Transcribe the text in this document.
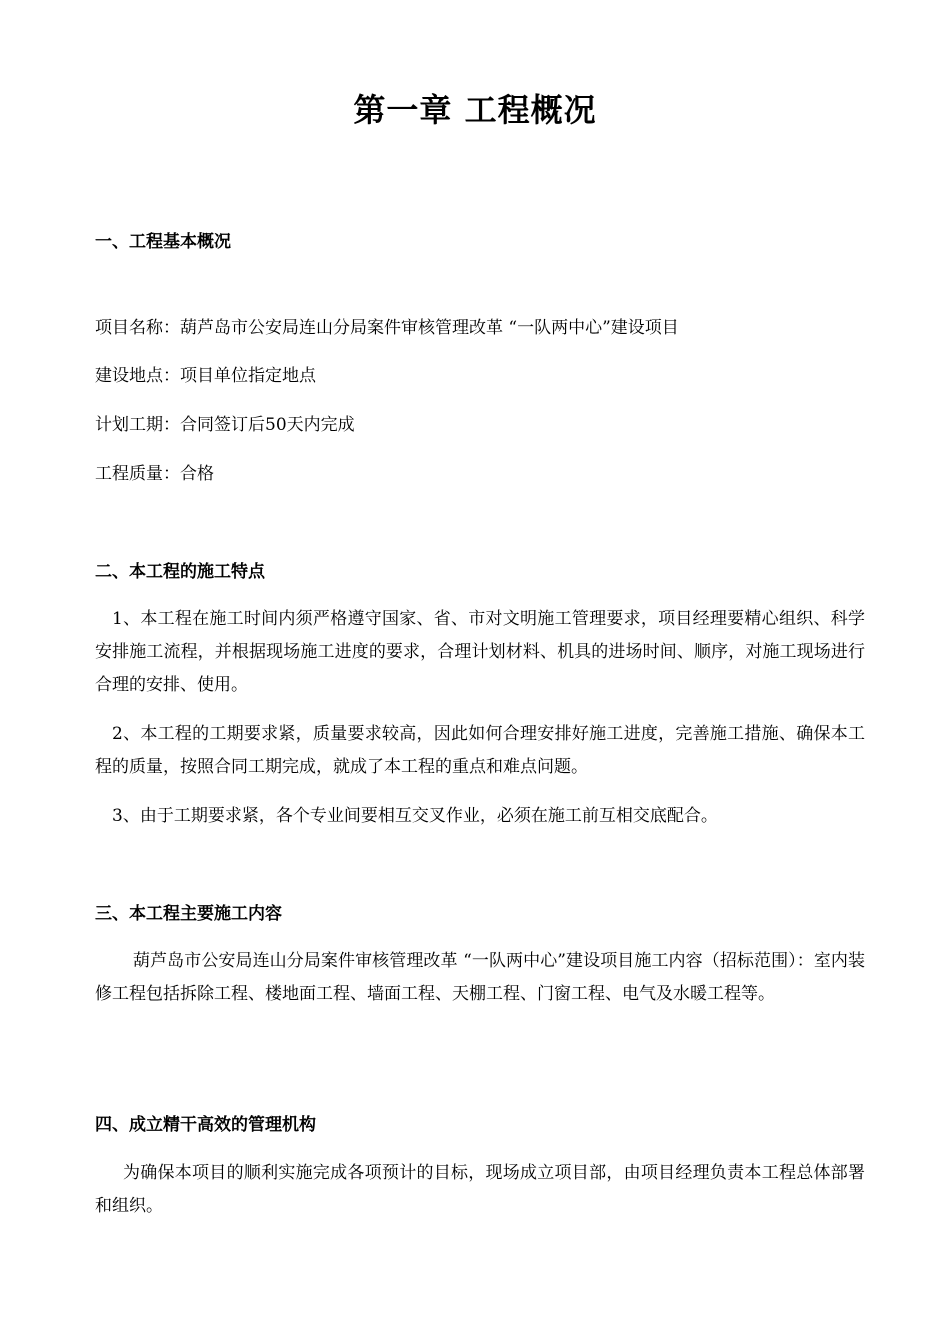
第一章 工程概况
一、工程基本概况
项目名称：葫芦岛市公安局连山分局案件审核管理改革 “一队两中心”建设项目
建设地点：项目单位指定地点
计划工期：合同签订后50天内完成
工程质量：合格
二、本工程的施工特点
1、本工程在施工时间内须严格遵守国家、省、市对文明施工管理要求，项目经理要精心组织、科学安排施工流程，并根据现场施工进度的要求，合理计划材料、机具的进场时间、顺序，对施工现场进行合理的安排、使用。
2、本工程的工期要求紧，质量要求较高，因此如何合理安排好施工进度，完善施工措施、确保本工程的质量，按照合同工期完成，就成了本工程的重点和难点问题。
3、由于工期要求紧，各个专业间要相互交叉作业，必须在施工前互相交底配合。
三、本工程主要施工内容
葫芦岛市公安局连山分局案件审核管理改革 “一队两中心”建设项目施工内容（招标范围）：室内装修工程包括拆除工程、楼地面工程、墙面工程、天棚工程、门窗工程、电气及水暖工程等。
四、成立精干高效的管理机构
为确保本项目的顺利实施完成各项预计的目标，现场成立项目部，由项目经理负责本工程总体部署和组织。
